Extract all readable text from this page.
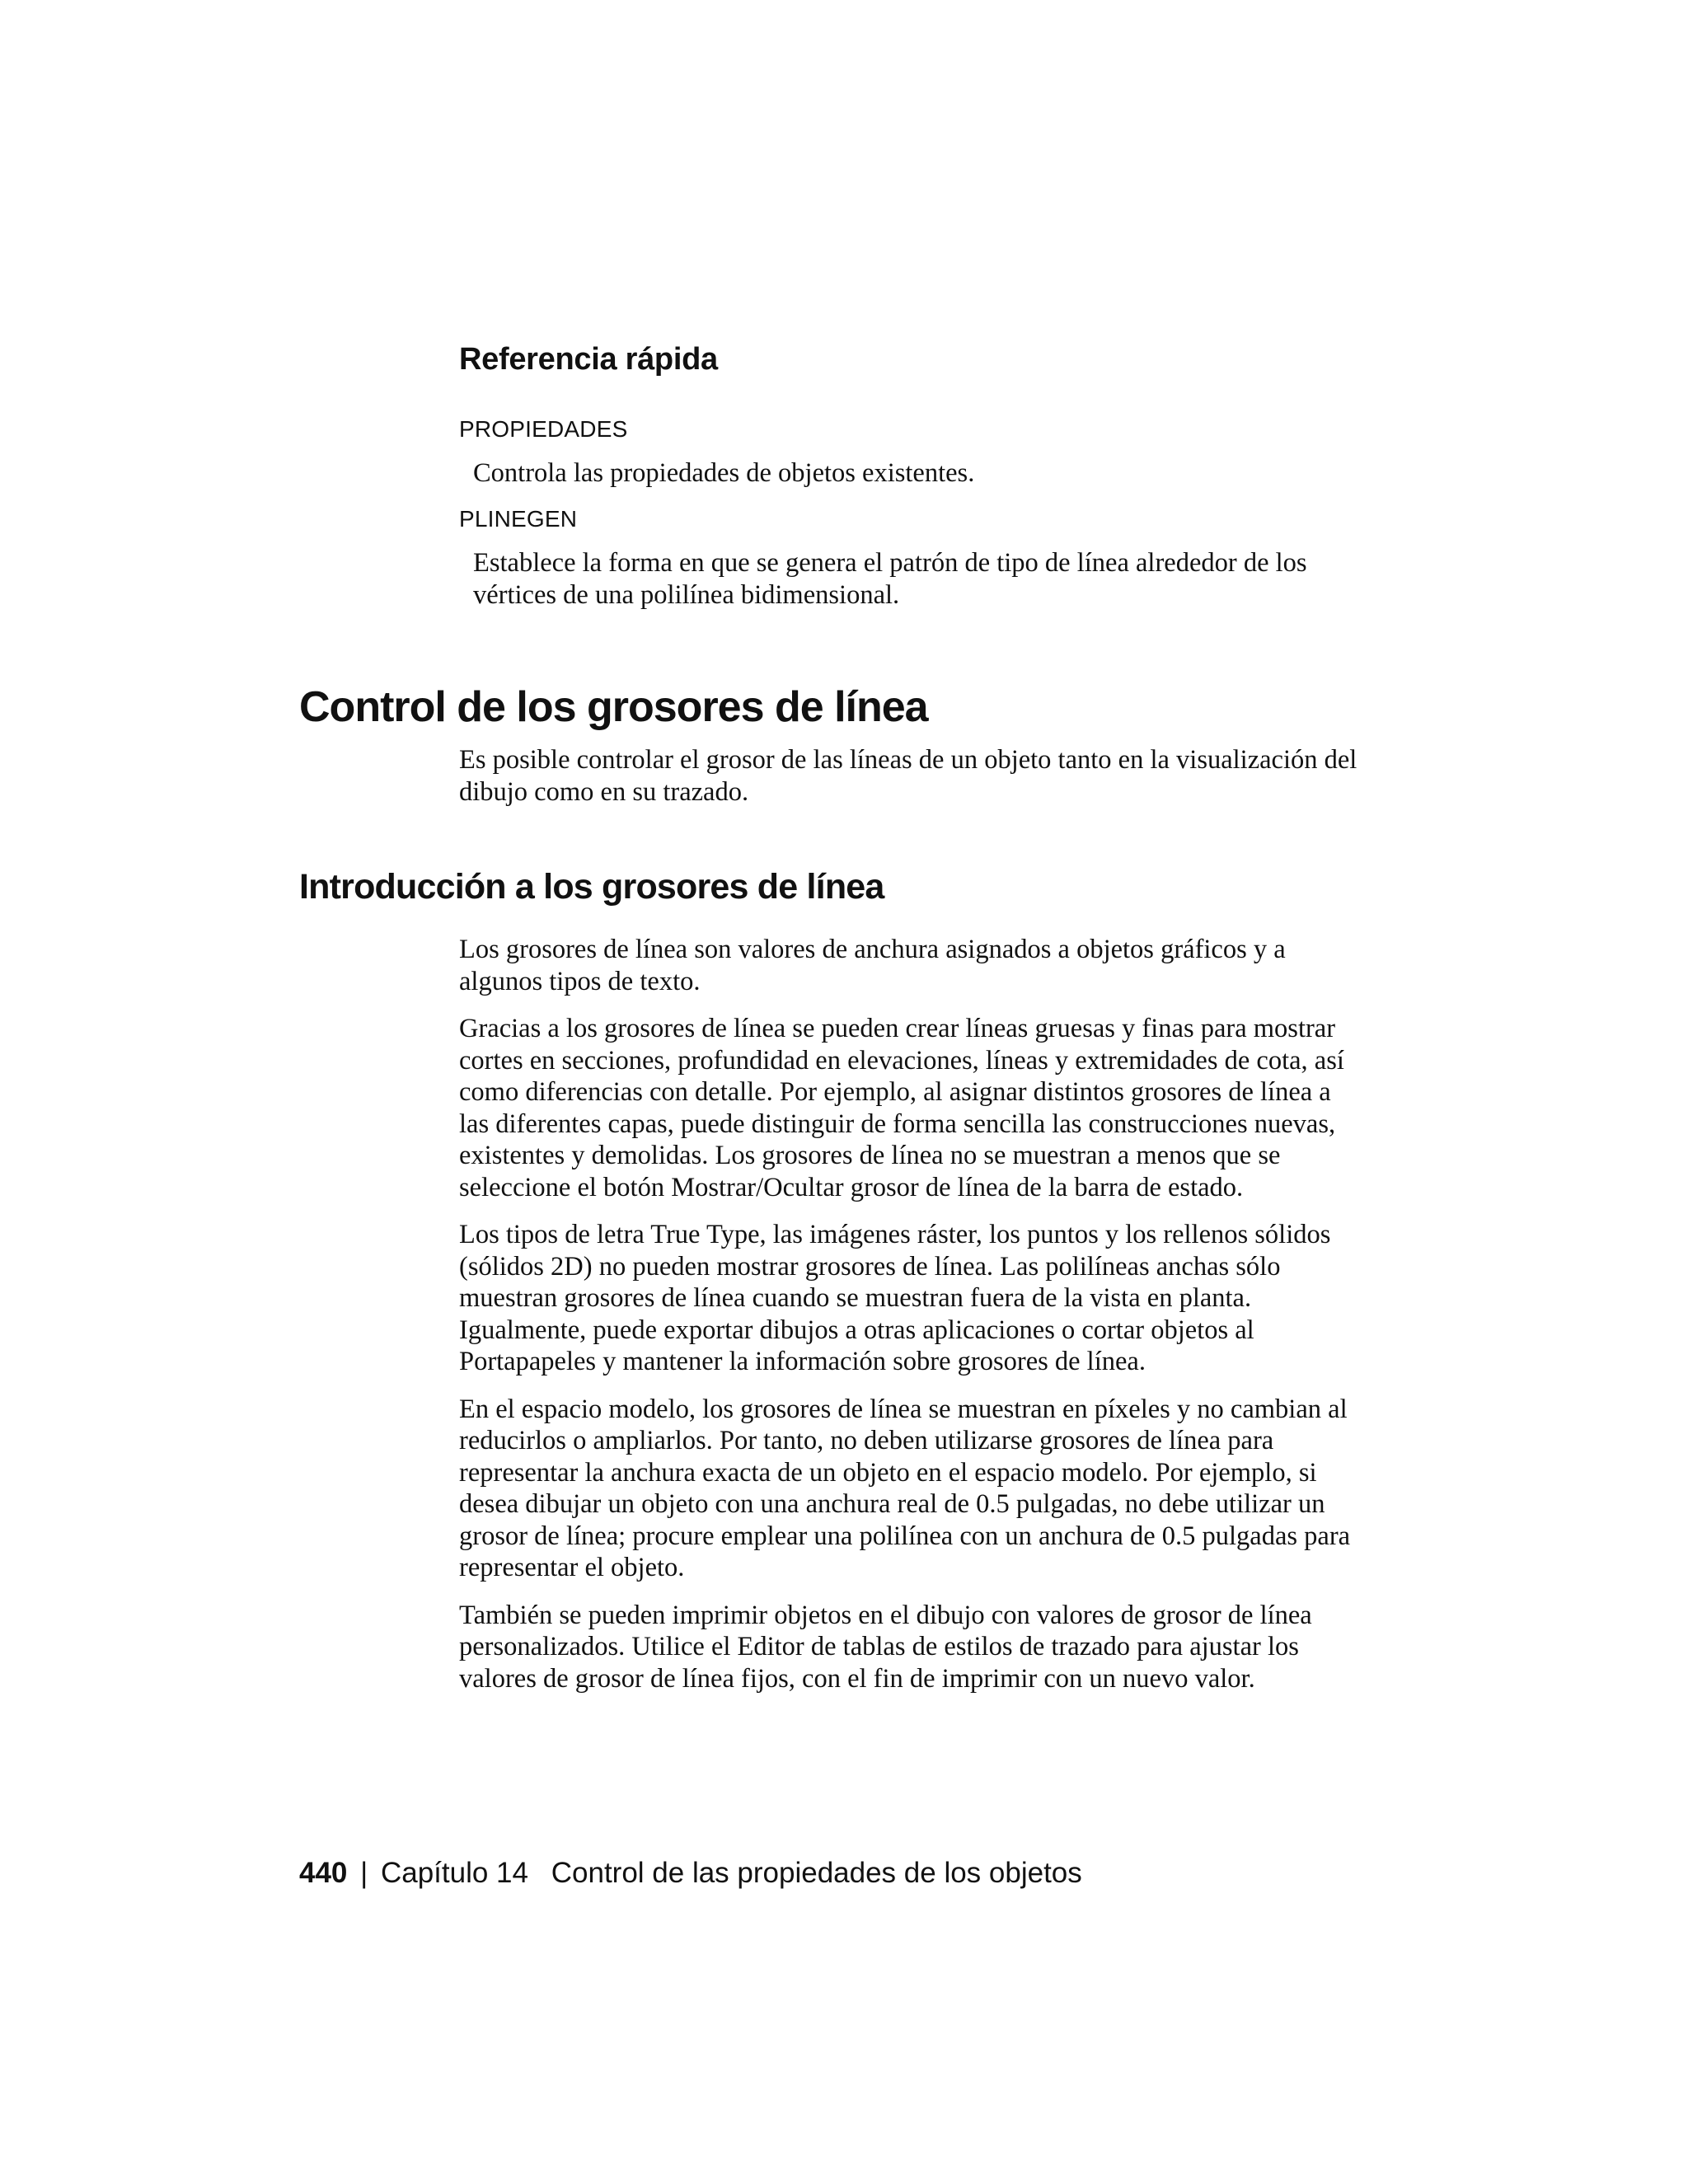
Referencia rápida
PROPIEDADES
Controla las propiedades de objetos existentes.
PLINEGEN
Establece la forma en que se genera el patrón de tipo de línea alrededor de los vértices de una polilínea bidimensional.
Control de los grosores de línea

Es posible controlar el grosor de las líneas de un objeto tanto en la visualización del dibujo como en su trazado.

Introducción a los grosores de línea

Los grosores de línea son valores de anchura asignados a objetos gráficos y a algunos tipos de texto.

Gracias a los grosores de línea se pueden crear líneas gruesas y finas para mostrar cortes en secciones, profundidad en elevaciones, líneas y extremidades de cota, así como diferencias con detalle. Por ejemplo, al asignar distintos grosores de línea a las diferentes capas, puede distinguir de forma sencilla las construcciones nuevas, existentes y demolidas. Los grosores de línea no se muestran a menos que se seleccione el botón Mostrar/Ocultar grosor de línea de la barra de estado.

Los tipos de letra True Type, las imágenes ráster, los puntos y los rellenos sólidos (sólidos 2D) no pueden mostrar grosores de línea. Las polilíneas anchas sólo muestran grosores de línea cuando se muestran fuera de la vista en planta. Igualmente, puede exportar dibujos a otras aplicaciones o cortar objetos al Portapapeles y mantener la información sobre grosores de línea.

En el espacio modelo, los grosores de línea se muestran en píxeles y no cambian al reducirlos o ampliarlos. Por tanto, no deben utilizarse grosores de línea para representar la anchura exacta de un objeto en el espacio modelo. Por ejemplo, si desea dibujar un objeto con una anchura real de 0.5 pulgadas, no debe utilizar un grosor de línea; procure emplear una polilínea con un anchura de 0.5 pulgadas para representar el objeto.

También se pueden imprimir objetos en el dibujo con valores de grosor de línea personalizados. Utilice el Editor de tablas de estilos de trazado para ajustar los valores de grosor de línea fijos, con el fin de imprimir con un nuevo valor.

440 | Capítulo 14 Control de las propiedades de los objetos
